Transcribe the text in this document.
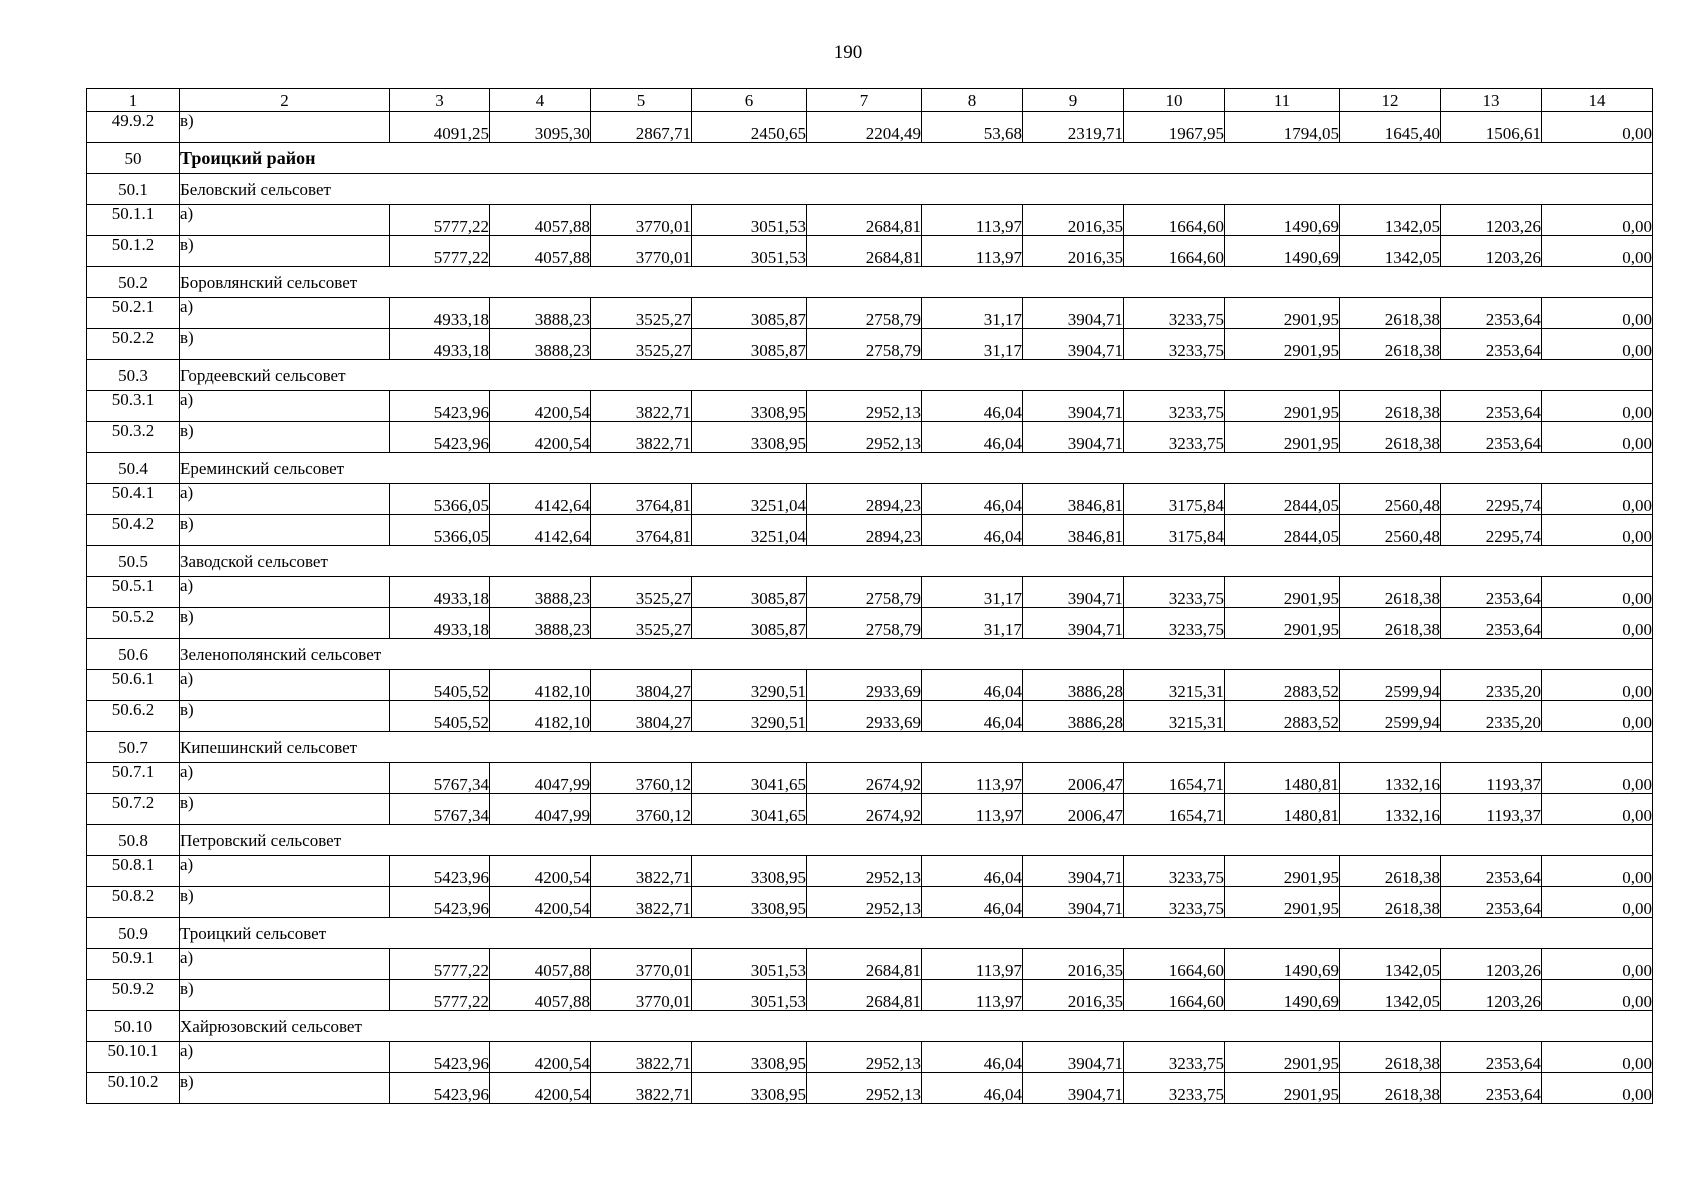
190
1	2	3	4	5	6	7	8	9	10	11	12	13	14
49.9.2	в)	4091,25	3095,30	2867,71	2450,65	2204,49	53,68	2319,71	1967,95	1794,05	1645,40	1506,61	0,00
50	Троицкий район												
50.1	Беловский сельсовет												
50.1.1	а)	5777,22	4057,88	3770,01	3051,53	2684,81	113,97	2016,35	1664,60	1490,69	1342,05	1203,26	0,00
50.1.2	в)	5777,22	4057,88	3770,01	3051,53	2684,81	113,97	2016,35	1664,60	1490,69	1342,05	1203,26	0,00
50.2	Боровлянский сельсовет												
50.2.1	а)	4933,18	3888,23	3525,27	3085,87	2758,79	31,17	3904,71	3233,75	2901,95	2618,38	2353,64	0,00
50.2.2	в)	4933,18	3888,23	3525,27	3085,87	2758,79	31,17	3904,71	3233,75	2901,95	2618,38	2353,64	0,00
50.3	Гордеевский сельсовет												
50.3.1	а)	5423,96	4200,54	3822,71	3308,95	2952,13	46,04	3904,71	3233,75	2901,95	2618,38	2353,64	0,00
50.3.2	в)	5423,96	4200,54	3822,71	3308,95	2952,13	46,04	3904,71	3233,75	2901,95	2618,38	2353,64	0,00
50.4	Ереминский сельсовет												
50.4.1	а)	5366,05	4142,64	3764,81	3251,04	2894,23	46,04	3846,81	3175,84	2844,05	2560,48	2295,74	0,00
50.4.2	в)	5366,05	4142,64	3764,81	3251,04	2894,23	46,04	3846,81	3175,84	2844,05	2560,48	2295,74	0,00
50.5	Заводской сельсовет												
50.5.1	а)	4933,18	3888,23	3525,27	3085,87	2758,79	31,17	3904,71	3233,75	2901,95	2618,38	2353,64	0,00
50.5.2	в)	4933,18	3888,23	3525,27	3085,87	2758,79	31,17	3904,71	3233,75	2901,95	2618,38	2353,64	0,00
50.6	Зеленополянский сельсовет												
50.6.1	а)	5405,52	4182,10	3804,27	3290,51	2933,69	46,04	3886,28	3215,31	2883,52	2599,94	2335,20	0,00
50.6.2	в)	5405,52	4182,10	3804,27	3290,51	2933,69	46,04	3886,28	3215,31	2883,52	2599,94	2335,20	0,00
50.7	Кипешинский сельсовет												
50.7.1	а)	5767,34	4047,99	3760,12	3041,65	2674,92	113,97	2006,47	1654,71	1480,81	1332,16	1193,37	0,00
50.7.2	в)	5767,34	4047,99	3760,12	3041,65	2674,92	113,97	2006,47	1654,71	1480,81	1332,16	1193,37	0,00
50.8	Петровский сельсовет												
50.8.1	а)	5423,96	4200,54	3822,71	3308,95	2952,13	46,04	3904,71	3233,75	2901,95	2618,38	2353,64	0,00
50.8.2	в)	5423,96	4200,54	3822,71	3308,95	2952,13	46,04	3904,71	3233,75	2901,95	2618,38	2353,64	0,00
50.9	Троицкий сельсовет												
50.9.1	а)	5777,22	4057,88	3770,01	3051,53	2684,81	113,97	2016,35	1664,60	1490,69	1342,05	1203,26	0,00
50.9.2	в)	5777,22	4057,88	3770,01	3051,53	2684,81	113,97	2016,35	1664,60	1490,69	1342,05	1203,26	0,00
50.10	Хайрюзовский сельсовет												
50.10.1	а)	5423,96	4200,54	3822,71	3308,95	2952,13	46,04	3904,71	3233,75	2901,95	2618,38	2353,64	0,00
50.10.2	в)	5423,96	4200,54	3822,71	3308,95	2952,13	46,04	3904,71	3233,75	2901,95	2618,38	2353,64	0,00
